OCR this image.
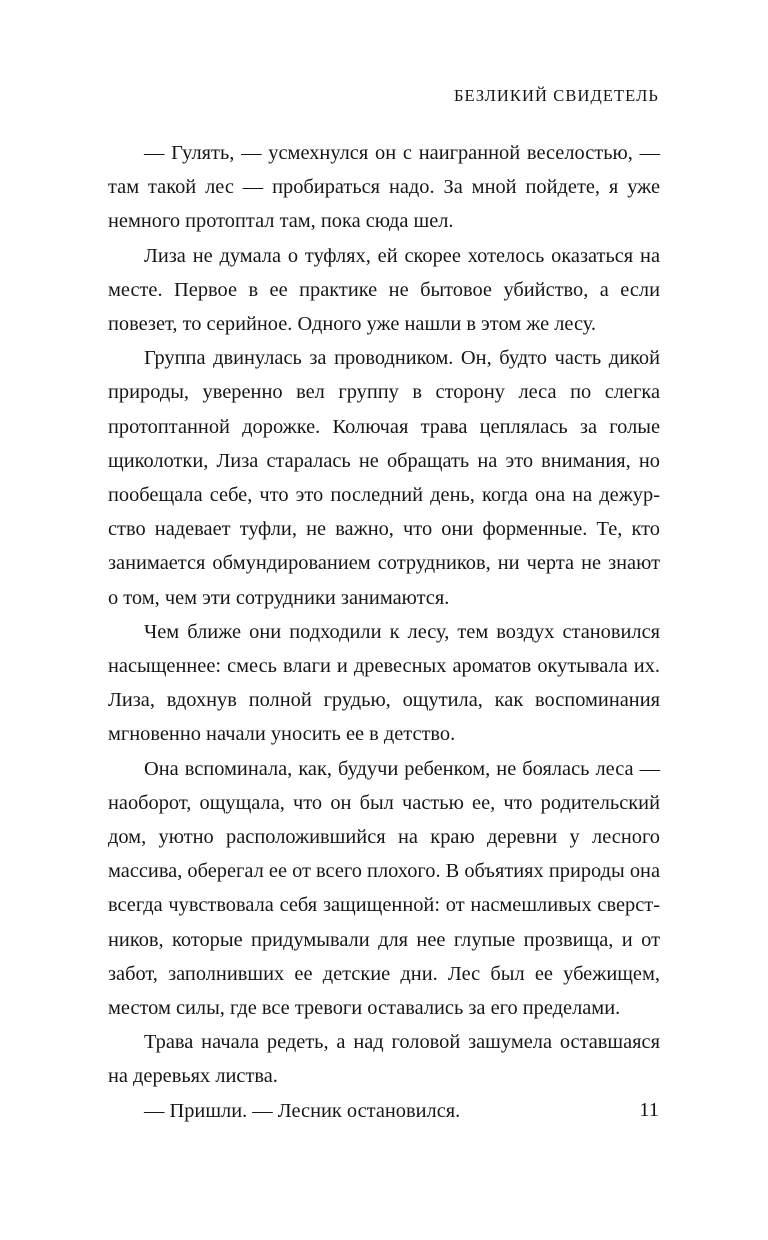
БЕЗЛИКИЙ СВИДЕТЕЛЬ

— Гулять, — усмехнулся он с наигранной веселостью, — там такой лес — пробираться надо. За мной пойдете, я уже немного протоптал там, пока сюда шел.

Лиза не думала о туфлях, ей скорее хотелось оказаться на месте. Первое в ее практике не бытовое убийство, а если повезет, то серийное. Одного уже нашли в этом же лесу.

Группа двинулась за проводником. Он, будто часть дикой природы, уверенно вел группу в сторону леса по слегка протоптанной дорожке. Колючая трава цеплялась за голые щиколотки, Лиза старалась не обращать на это внимания, но пообещала себе, что это последний день, когда она на дежурство надевает туфли, не важно, что они форменные. Те, кто занимается обмундированием сотрудников, ни черта не знают о том, чем эти сотрудники занимаются.

Чем ближе они подходили к лесу, тем воздух становился насыщеннее: смесь влаги и древесных ароматов окутывала их. Лиза, вдохнув полной грудью, ощутила, как воспоминания мгновенно начали уносить ее в детство.

Она вспоминала, как, будучи ребенком, не боялась леса — наоборот, ощущала, что он был частью ее, что родительский дом, уютно расположившийся на краю деревни у лесного массива, оберегал ее от всего плохого. В объятиях природы она всегда чувствовала себя защищенной: от насмешливых сверстников, которые придумывали для нее глупые прозвища, и от забот, заполнивших ее детские дни. Лес был ее убежищем, местом силы, где все тревоги оставались за его пределами.

Трава начала редеть, а над головой зашумела оставшаяся на деревьях листва.

— Пришли. — Лесник остановился.	11
